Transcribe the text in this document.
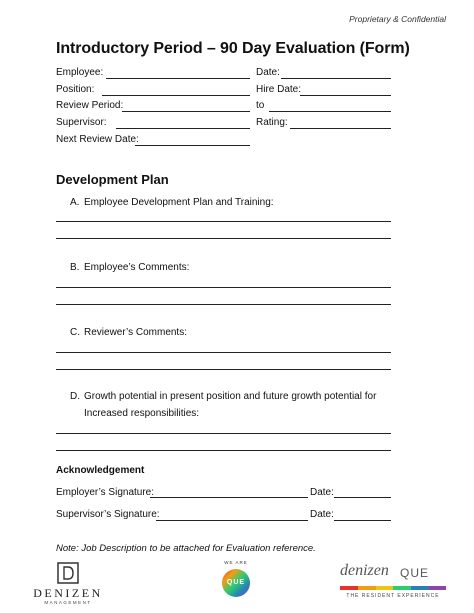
Proprietary & Confidential
Introductory Period – 90 Day Evaluation (Form)
Employee:	Date:
Position:	Hire Date:
Review Period:	to
Supervisor:	Rating:
Next Review Date:
Development Plan
A. Employee Development Plan and Training:
B. Employee’s Comments:
C. Reviewer’s Comments:
D. Growth potential in present position and future growth potential for
Increased responsibilities:
Acknowledgement
Employer’s Signature:	Date:
Supervisor’s Signature:	Date:
Note: Job Description to be attached for Evaluation reference.
DENIZEN
MANAGEMENT
WE ARE
QUE
denizen QUE
THE RESIDENT EXPERIENCE
